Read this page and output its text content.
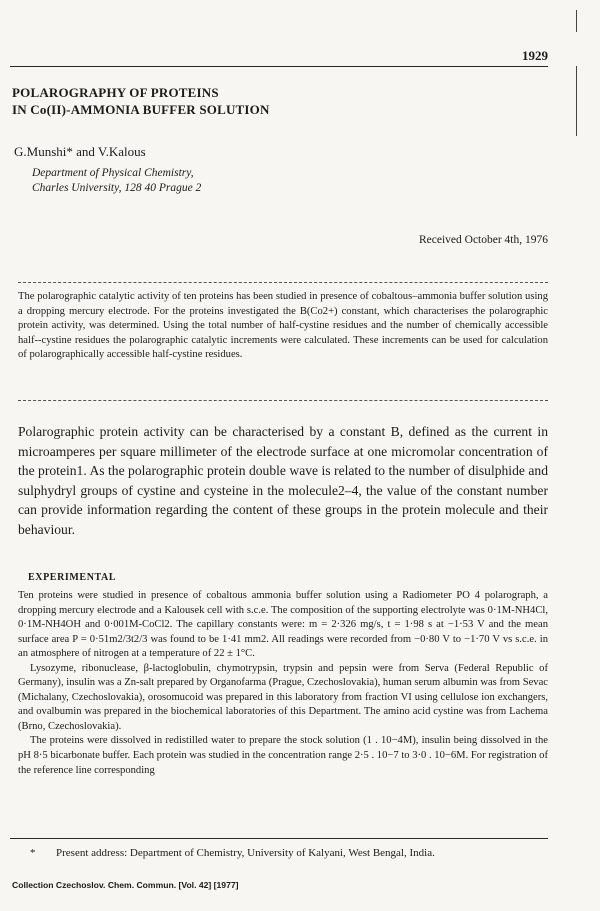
1929
POLAROGRAPHY OF PROTEINS
IN Co(II)-AMMONIA BUFFER SOLUTION
G.Munshi* and V.Kalous
Department of Physical Chemistry,
Charles University, 128 40 Prague 2
Received October 4th, 1976
The polarographic catalytic activity of ten proteins has been studied in presence of cobaltous–ammonia buffer solution using a dropping mercury electrode. For the proteins investigated the B(Co2+) constant, which characterises the polarographic protein activity, was determined. Using the total number of half-cystine residues and the number of chemically accessible half--cystine residues the polarographic catalytic increments were calculated. These increments can be used for calculation of polarographically accessible half-cystine residues.
Polarographic protein activity can be characterised by a constant B, defined as the current in microamperes per square millimeter of the electrode surface at one micromolar concentration of the protein1. As the polarographic protein double wave is related to the number of disulphide and sulphydryl groups of cystine and cysteine in the molecule2–4, the value of the constant number can provide information regarding the content of these groups in the protein molecule and their behaviour.
EXPERIMENTAL

Ten proteins were studied in presence of cobaltous ammonia buffer solution using a Radiometer PO 4 polarograph, a dropping mercury electrode and a Kalousek cell with s.c.e. The composition of the supporting electrolyte was 0·1M-NH4Cl, 0·1M-NH4OH and 0·001M-CoCl2. The capillary constants were: m = 2·326 mg/s, t = 1·98 s at −1·53 V and the mean surface area P = 0·51m2/3t2/3 was found to be 1·41 mm2. All readings were recorded from −0·80 V to −1·70 V vs s.c.e. in an atmosphere of nitrogen at a temperature of 22 ± 1°C.

Lysozyme, ribonuclease, β-lactoglobulin, chymotrypsin, trypsin and pepsin were from Serva (Federal Republic of Germany), insulin was a Zn-salt prepared by Organofarma (Prague, Czechoslovakia), human serum albumin was from Sevac (Michalany, Czechoslovakia), orosomucoid was prepared in this laboratory from fraction VI using cellulose ion exchangers, and ovalbumin was prepared in the biochemical laboratories of this Department. The amino acid cystine was from Lachema (Brno, Czechoslovakia).

The proteins were dissolved in redistilled water to prepare the stock solution (1 . 10−4M), insulin being dissolved in the pH 8·5 bicarbonate buffer. Each protein was studied in the concentration range 2·5 . 10−7 to 3·0 . 10−6M. For registration of the reference line corresponding

* Present address: Department of Chemistry, University of Kalyani, West Bengal, India.
Collection Czechoslov. Chem. Commun. [Vol. 42] [1977]
